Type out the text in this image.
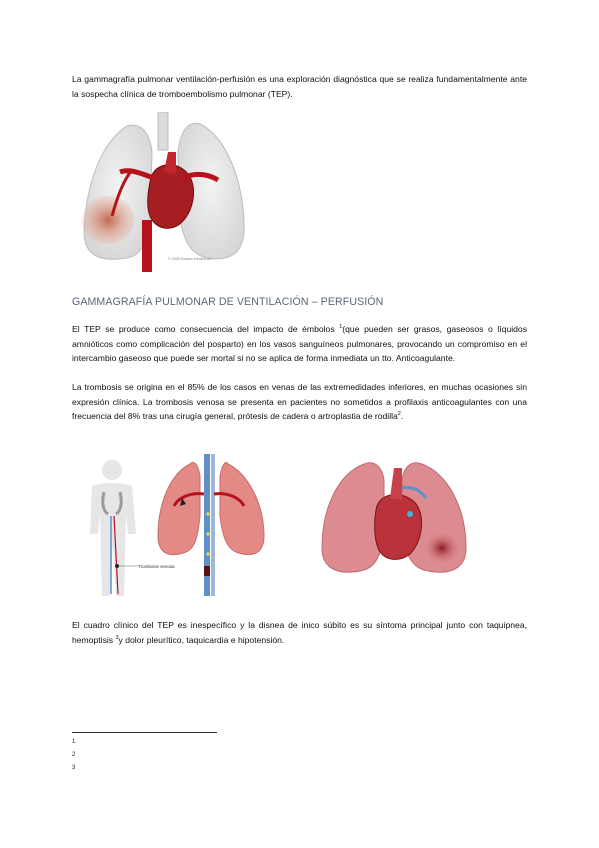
La gammagrafía pulmonar ventilación-perfusión es una exploración diagnóstica que se realiza fundamentalmente ante la sospecha clínica de tromboembolismo pulmonar (TEP).

© 2008 Nucleus Medical Art
GAMMAGRAFÍA PULMONAR DE VENTILACIÓN – PERFUSIÓN

El TEP se produce como consecuencia del impacto de émbolos $^1$(que pueden ser grasos, gaseosos o líquidos amnióticos como complicación del posparto) en los vasos sanguíneos pulmonares, provocando un compromiso en el intercambio gaseoso que puede ser mortal si no se aplica de forma inmediata un tto. Anticoagulante.

La trombosis se origina en el 85% de los casos en venas de las extremedidades inferiores, en muchas ocasiones sin expresión clínica. La trombosis venosa se presenta en pacientes no sometidos a profilaxis anticoagulantes con una frecuencia del 8% tras una cirugía general, prótesis de cadera o artroplastia de rodilla$^2$.

Trombosis venosa

El cuadro clínico del TEP es inespecífico y la disnea de inico súbito es su síntoma principal junto con taquipnea, hemoptisis $^3$y dolor pleurítico, taquicardia e hipotensión.

1
2
3
